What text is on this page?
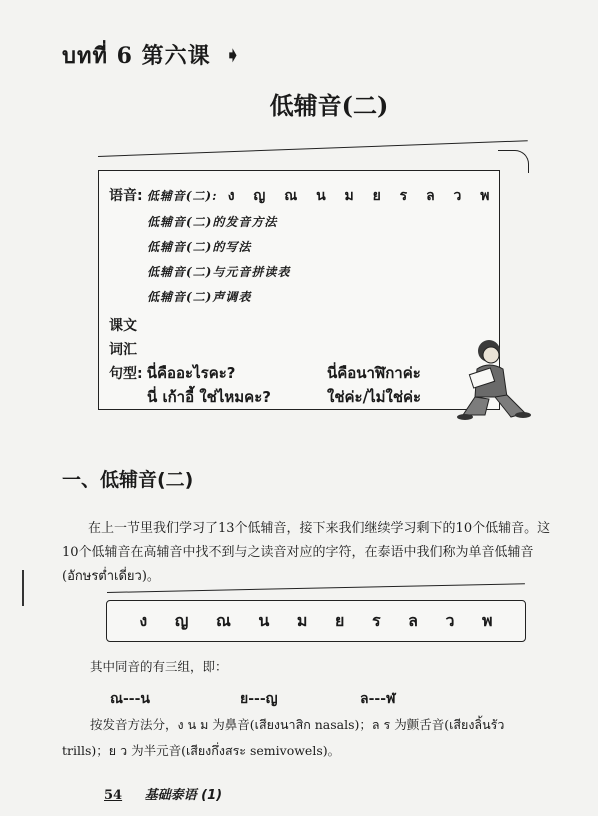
บทที่ 6 第六课 ➧
低辅音(二)
语音: 低辅音(二): ง ญ ณ น ม ย ร ล ว พ
低辅音(二)的发音方法
低辅音(二)的写法
低辅音(二)与元音拼读表
低辅音(二)声调表
课文
词汇
句型: นี่คืออะไรคะ?	นี่คือนาฬิกาค่ะ
นี่ เก้าอี้ ใช่ไหมคะ?	ใช่ค่ะ/ไม่ใช่ค่ะ
一、低辅音(二)
在上一节里我们学习了13个低辅音，接下来我们继续学习剩下的10个低辅音。这10个低辅音在高辅音中找不到与之读音对应的字符，在泰语中我们称为单音低辅音(อักษรต่ำเดี่ยว)。
ง ญ ณ น ม ย ร ล ว พ
其中同音的有三组，即：
ณ---น	ย---ญ	ล---ฬ
按发音方法分，ง น ม 为鼻音(เสียงนาสิก nasals)；ล ร 为颤舌音(เสียงลิ้นรัว trills)；ย ว 为半元音(เสียงกึ่งสระ semivowels)。
54 基础泰语 (1)
